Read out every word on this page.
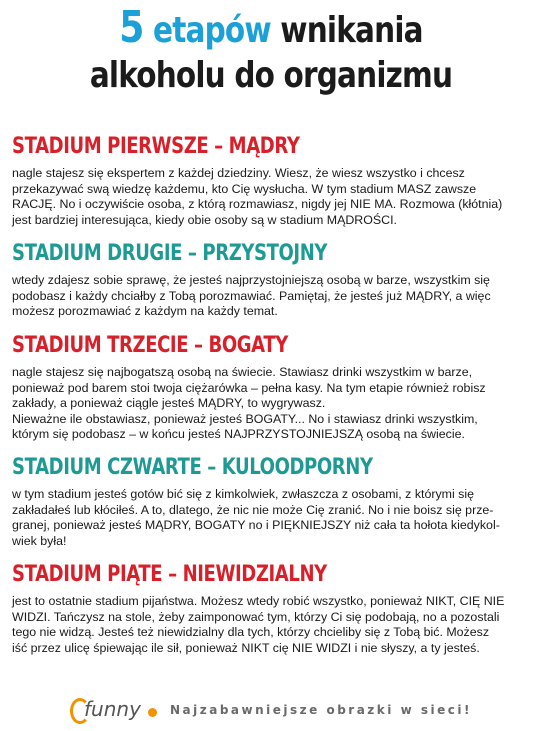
5 etapów wnikania
alkoholu do organizmu
STADIUM PIERWSZE – MĄDRY
nagle stajesz się ekspertem z każdej dziedziny. Wiesz, że wiesz wszystko i chcesz
przekazywać swą wiedzę każdemu, kto Cię wysłucha. W tym stadium MASZ zawsze
RACJĘ. No i oczywiście osoba, z którą rozmawiasz, nigdy jej NIE MA. Rozmowa (kłótnia)
jest bardziej interesująca, kiedy obie osoby są w stadium MĄDROŚCI.
STADIUM DRUGIE – PRZYSTOJNY
wtedy zdajesz sobie sprawę, że jesteś najprzystojniejszą osobą w barze, wszystkim się
podobasz i każdy chciałby z Tobą porozmawiać. Pamiętaj, że jesteś już MĄDRY, a więc
możesz porozmawiać z każdym na każdy temat.
STADIUM TRZECIE – BOGATY
nagle stajesz się najbogatszą osobą na świecie. Stawiasz drinki wszystkim w barze,
ponieważ pod barem stoi twoja ciężarówka – pełna kasy. Na tym etapie również robisz
zakłady, a ponieważ ciągle jesteś MĄDRY, to wygrywasz.
Nieważne ile obstawiasz, ponieważ jesteś BOGATY... No i stawiasz drinki wszystkim,
którym się podobasz – w końcu jesteś NAJPRZYSTOJNIEJSZĄ osobą na świecie.
STADIUM CZWARTE – KULOODPORNY
w tym stadium jesteś gotów bić się z kimkolwiek, zwłaszcza z osobami, z którymi się
zakładałeś lub kłóciłeś. A to, dlatego, że nic nie może Cię zranić. No i nie boisz się prze-
granej, ponieważ jesteś MĄDRY, BOGATY no i PIĘKNIEJSZY niż cała ta hołota kiedykol-
wiek była!
STADIUM PIĄTE – NIEWIDZIALNY
jest to ostatnie stadium pijaństwa. Możesz wtedy robić wszystko, ponieważ NIKT, CIĘ NIE
WIDZI. Tańczysz na stole, żeby zaimponować tym, którzy Ci się podobają, no a pozostali
tego nie widzą. Jesteś też niewidzialny dla tych, którzy chcieliby się z Tobą bić. Możesz
iść przez ulicę śpiewając ile sił, ponieważ NIKT cię NIE WIDZI i nie słyszy, a ty jesteś.
funny Najzabawniejsze obrazki w sieci!
